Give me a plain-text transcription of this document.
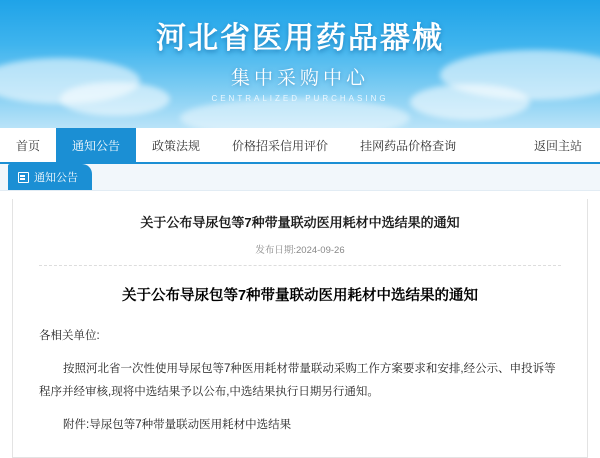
河北省医用药品器械
集中采购中心
CENTRALIZED PURCHASING
首页	通知公告	政策法规	价格招采信用评价	挂网药品价格查询	返回主站
通知公告
关于公布导尿包等7种带量联动医用耗材中选结果的通知
发布日期:2024-09-26
关于公布导尿包等7种带量联动医用耗材中选结果的通知

各相关单位:

按照河北省一次性使用导尿包等7种医用耗材带量联动采购工作方案要求和安排,经公示、申投诉等程序并经审核,现将中选结果予以公布,中选结果执行日期另行通知。

附件:导尿包等7种带量联动医用耗材中选结果
